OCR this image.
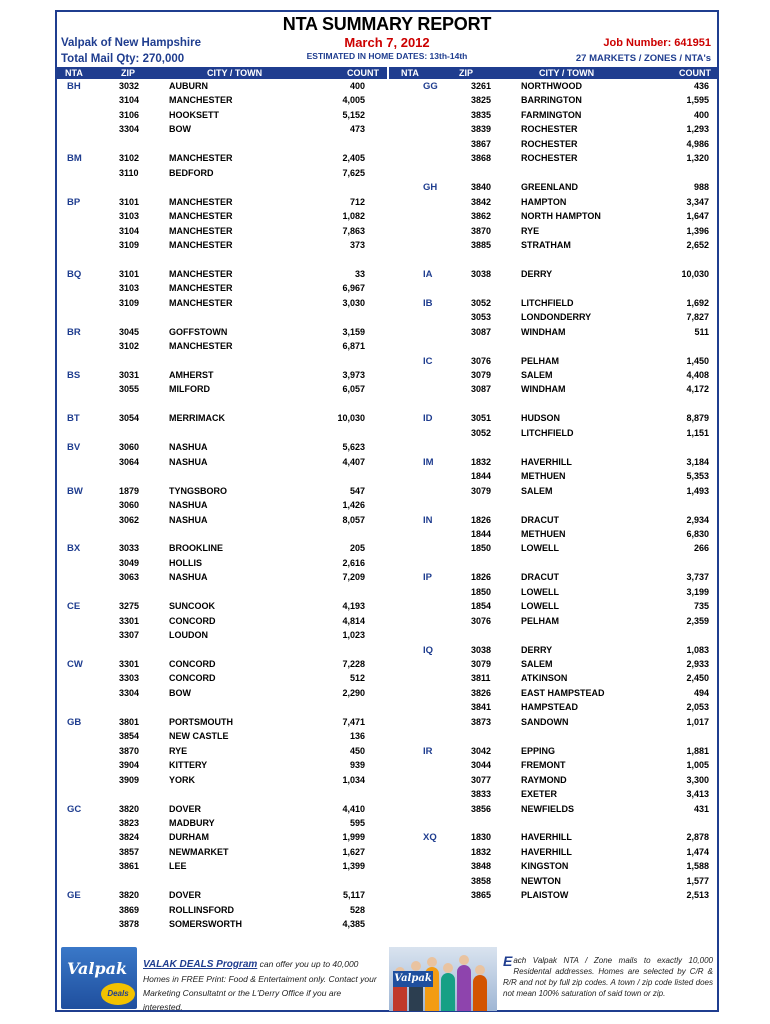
NTA SUMMARY REPORT
March 7, 2012
ESTIMATED IN HOME DATES: 13th-14th
Valpak of New Hampshire
Total Mail Qty: 270,000
Job Number: 641951
27 MARKETS / ZONES / NTA's
NTA	ZIP	CITY / TOWN	COUNT NTA	ZIP	CITY / TOWN	COUNT
BH	3032	AUBURN	400
3104	MANCHESTER	4,005
3106	HOOKSETT	5,152
3304	BOW	473
BM	3102	MANCHESTER	2,405
3110	BEDFORD	7,625
BP	3101	MANCHESTER	712
3103	MANCHESTER	1,082
3104	MANCHESTER	7,863
3109	MANCHESTER	373
BQ	3101	MANCHESTER	33
3103	MANCHESTER	6,967
3109	MANCHESTER	3,030
BR	3045	GOFFSTOWN	3,159
3102	MANCHESTER	6,871
BS	3031	AMHERST	3,973
3055	MILFORD	6,057
BT	3054	MERRIMACK	10,030
BV	3060	NASHUA	5,623
3064	NASHUA	4,407
BW	1879	TYNGSBORO	547
3060	NASHUA	1,426
3062	NASHUA	8,057
BX	3033	BROOKLINE	205
3049	HOLLIS	2,616
3063	NASHUA	7,209
CE	3275	SUNCOOK	4,193
3301	CONCORD	4,814
3307	LOUDON	1,023
CW	3301	CONCORD	7,228
3303	CONCORD	512
3304	BOW	2,290
GB	3801	PORTSMOUTH	7,471
3854	NEW CASTLE	136
3870	RYE	450
3904	KITTERY	939
3909	YORK	1,034
GC	3820	DOVER	4,410
3823	MADBURY	595
3824	DURHAM	1,999
3857	NEWMARKET	1,627
3861	LEE	1,399
GE	3820	DOVER	5,117
3869	ROLLINSFORD	528
3878	SOMERSWORTH	4,385
GG	3261	NORTHWOOD	436
3825	BARRINGTON	1,595
3835	FARMINGTON	400
3839	ROCHESTER	1,293
3867	ROCHESTER	4,986
3868	ROCHESTER	1,320
GH	3840	GREENLAND	988
3842	HAMPTON	3,347
3862	NORTH HAMPTON	1,647
3870	RYE	1,396
3885	STRATHAM	2,652
IA	3038	DERRY	10,030
IB	3052	LITCHFIELD	1,692
3053	LONDONDERRY	7,827
3087	WINDHAM	511
IC	3076	PELHAM	1,450
3079	SALEM	4,408
3087	WINDHAM	4,172
ID	3051	HUDSON	8,879
3052	LITCHFIELD	1,151
IM	1832	HAVERHILL	3,184
1844	METHUEN	5,353
3079	SALEM	1,493
IN	1826	DRACUT	2,934
1844	METHUEN	6,830
1850	LOWELL	266
IP	1826	DRACUT	3,737
1850	LOWELL	3,199
1854	LOWELL	735
3076	PELHAM	2,359
IQ	3038	DERRY	1,083
3079	SALEM	2,933
3811	ATKINSON	2,450
3826	EAST HAMPSTEAD	494
3841	HAMPSTEAD	2,053
3873	SANDOWN	1,017
IR	3042	EPPING	1,881
3044	FREMONT	1,005
3077	RAYMOND	3,300
3833	EXETER	3,413
3856	NEWFIELDS	431
XQ	1830	HAVERHILL	2,878
1832	HAVERHILL	1,474
3848	KINGSTON	1,588
3858	NEWTON	1,577
3865	PLAISTOW	2,513
Valpak
Deals
VALAK DEALS Program can offer you up to 40,000 Homes in FREE Print: Food & Entertaiment only. Contact your Marketing Consultatnt or the L'Derry Office if you are interested.
Valpak
Each Valpak NTA / Zone mails to exactly 10,000 Residental addresses. Homes are selected by C/R & R/R and not by full zip codes. A town / zip code listed does not mean 100% saturation of said town or zip.
